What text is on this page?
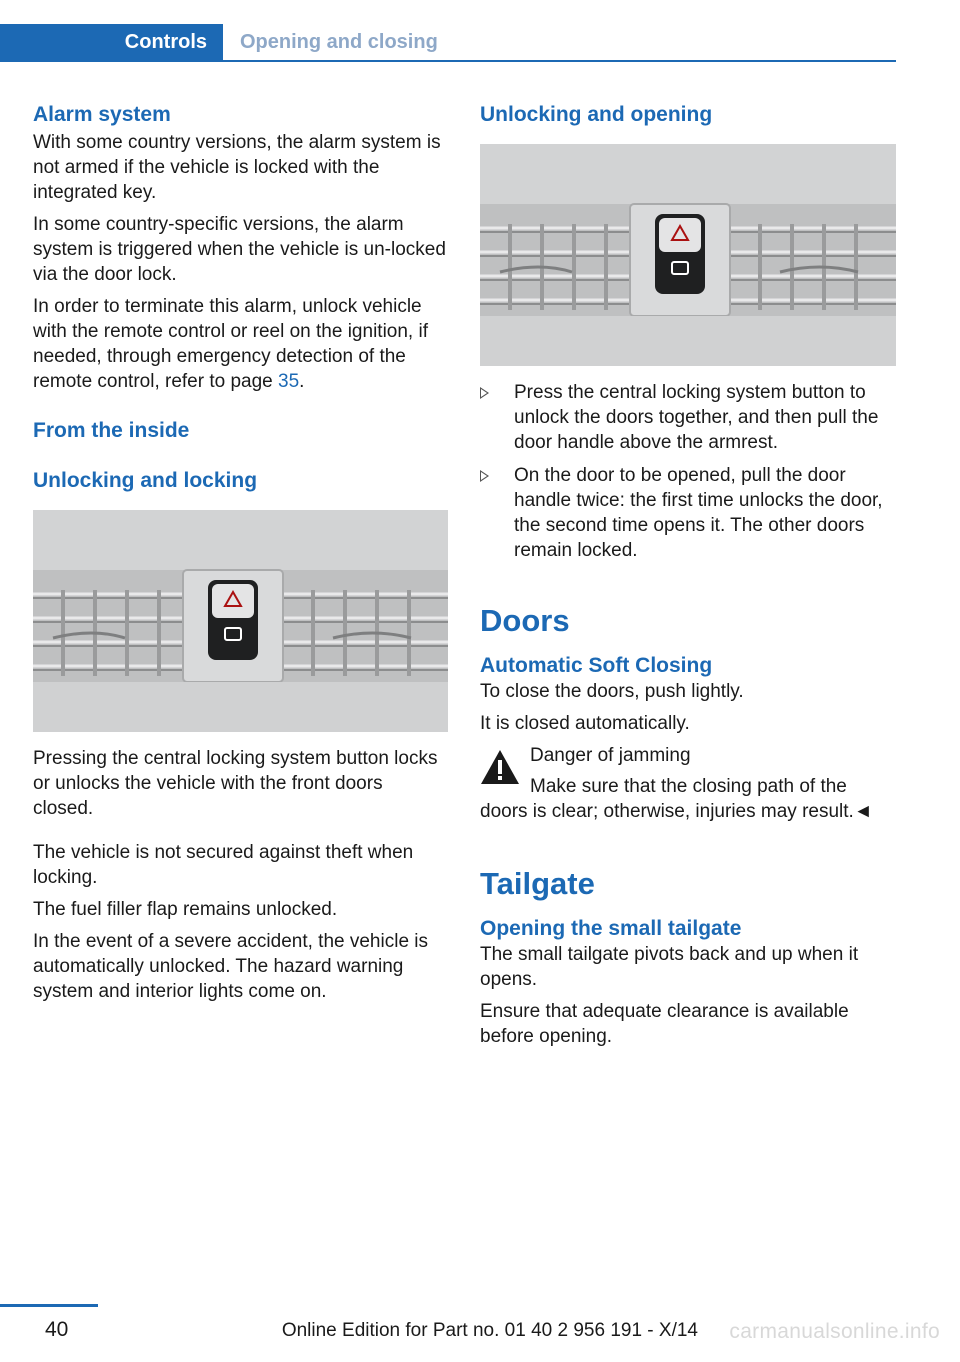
Controls	Opening and closing
Alarm system

With some country versions, the alarm system is not armed if the vehicle is locked with the integrated key.

In some country-specific versions, the alarm system is triggered when the vehicle is un-locked via the door lock.

In order to terminate this alarm, unlock vehicle with the remote control or reel on the ignition, if needed, through emergency detection of the remote control, refer to page 35.

From the inside
Unlocking and locking

Pressing the central locking system button locks or unlocks the vehicle with the front doors closed.

The vehicle is not secured against theft when locking.

The fuel filler flap remains unlocked.

In the event of a severe accident, the vehicle is automatically unlocked. The hazard warning system and interior lights come on.

Unlocking and opening
Press the central locking system button to unlock the doors together, and then pull the door handle above the armrest.
On the door to be opened, pull the door handle twice: the first time unlocks the door, the second time opens it. The other doors remain locked.
Doors
Automatic Soft Closing

To close the doors, push lightly.

It is closed automatically.

Danger of jamming
Make sure that the closing path of the doors is clear; otherwise, injuries may result.◄
Tailgate
Opening the small tailgate

The small tailgate pivots back and up when it opens.

Ensure that adequate clearance is available before opening.

40	Online Edition for Part no. 01 40 2 956 191 - X/14 carmanualsonline.info
